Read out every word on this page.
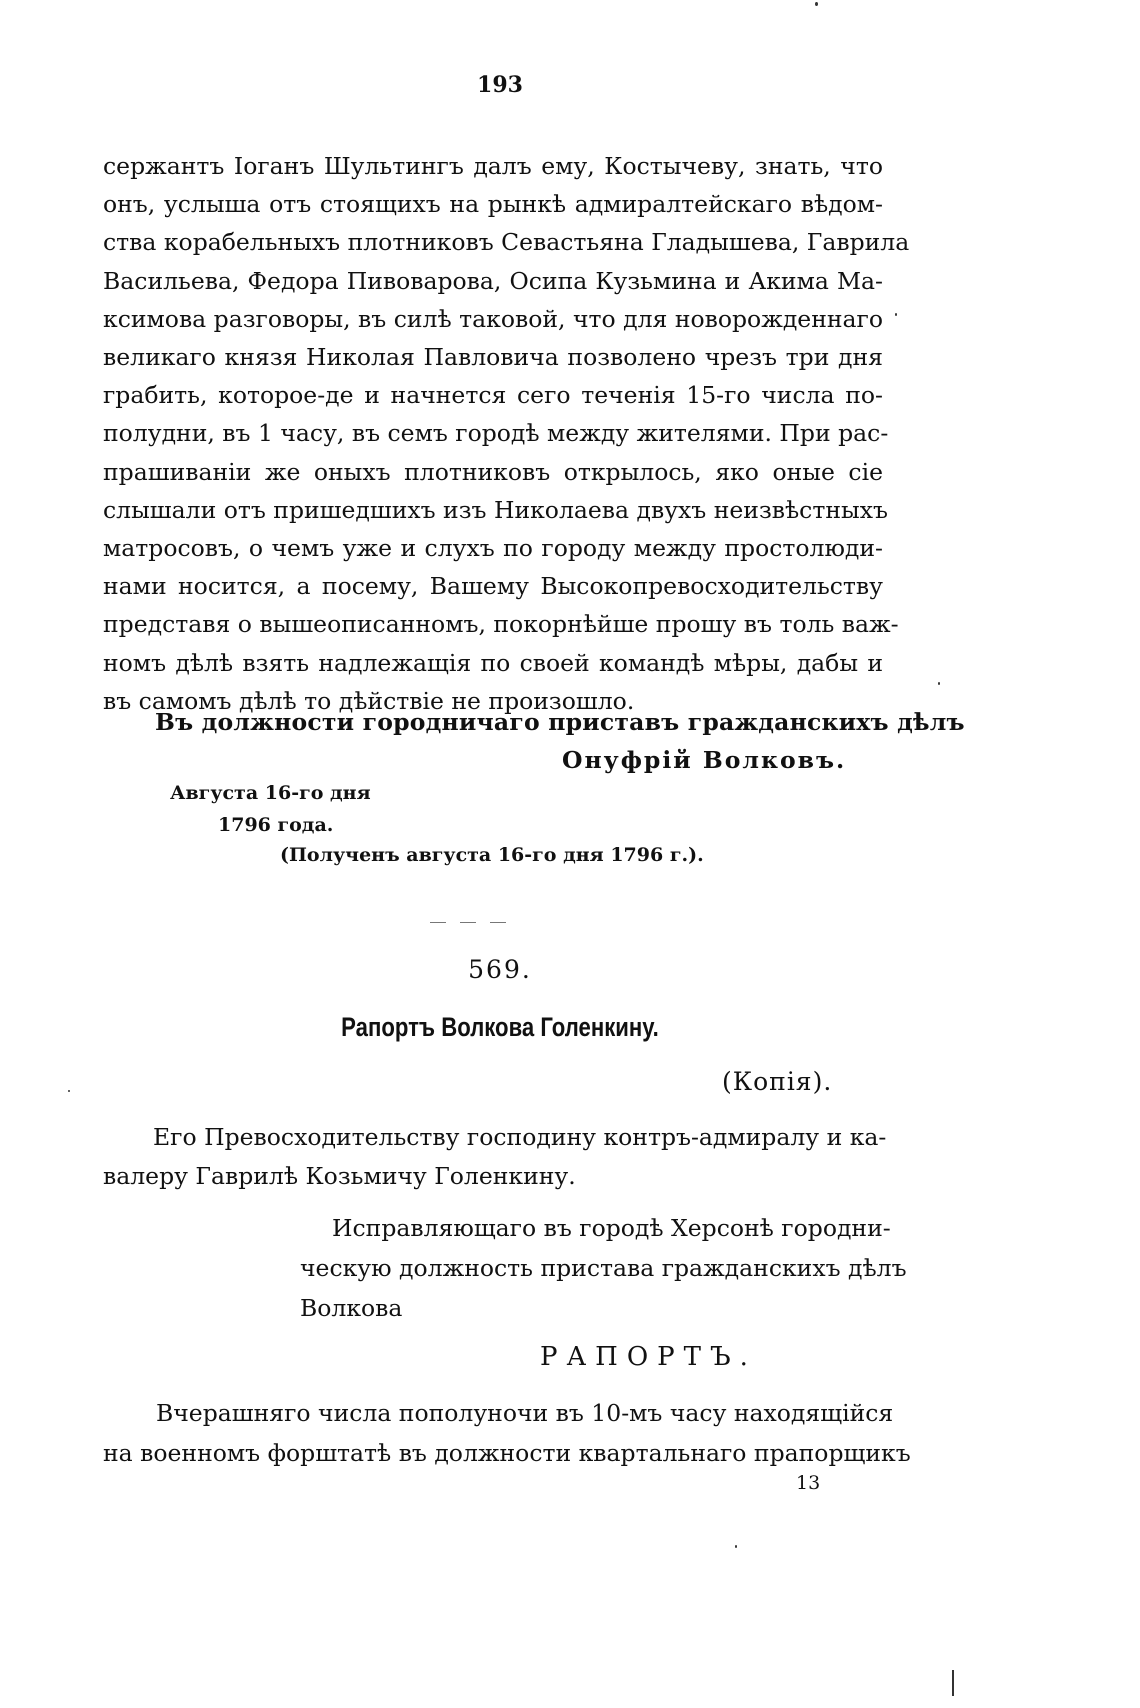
193
сержантъ Іоганъ Шультингъ далъ ему, Костычеву, знать, что
онъ, услыша отъ стоящихъ на рынкѣ адмиралтейскаго вѣдом-
ства корабельныхъ плотниковъ Севастьяна Гладышева, Гаврила
Васильева, Федора Пивоварова, Осипа Кузьмина и Акима Ма-
ксимова разговоры, въ силѣ таковой, что для новорожденнаго
великаго князя Николая Павловича позволено чрезъ три дня
грабить, которое-де и начнется сего теченія 15-го числа по-
полудни, въ 1 часу, въ семъ городѣ между жителями. При рас-
прашиваніи же оныхъ плотниковъ открылось, яко оные сіе
слышали отъ пришедшихъ изъ Николаева двухъ неизвѣстныхъ
матросовъ, о чемъ уже и слухъ по городу между простолюди-
нами носится, а посему, Вашему Высокопревосходительству
представя о вышеописанномъ, покорнѣйше прошу въ толь важ-
номъ дѣлѣ взять надлежащія по своей командѣ мѣры, дабы и
въ самомъ дѣлѣ то дѣйствіе не произошло.
Въ должности городничаго приставъ гражданскихъ дѣлъ
Онуфрій Волковъ.
Августа 16-го дня
1796 года.
(Полученъ августа 16-го дня 1796 г.).
569.
Рапортъ Волкова Голенкину.
(Копія).
Его Превосходительству господину контръ-адмиралу и ка-
валеру Гаврилѣ Козьмичу Голенкину.
Исправляющаго въ городѣ Херсонѣ городни-
ческую должность пристава гражданскихъ дѣлъ
Волкова
РАПОРТЪ.
Вчерашняго числа пополуночи въ 10-мъ часу находящійся
на военномъ форштатѣ въ должности квартальнаго прапорщикъ
13
